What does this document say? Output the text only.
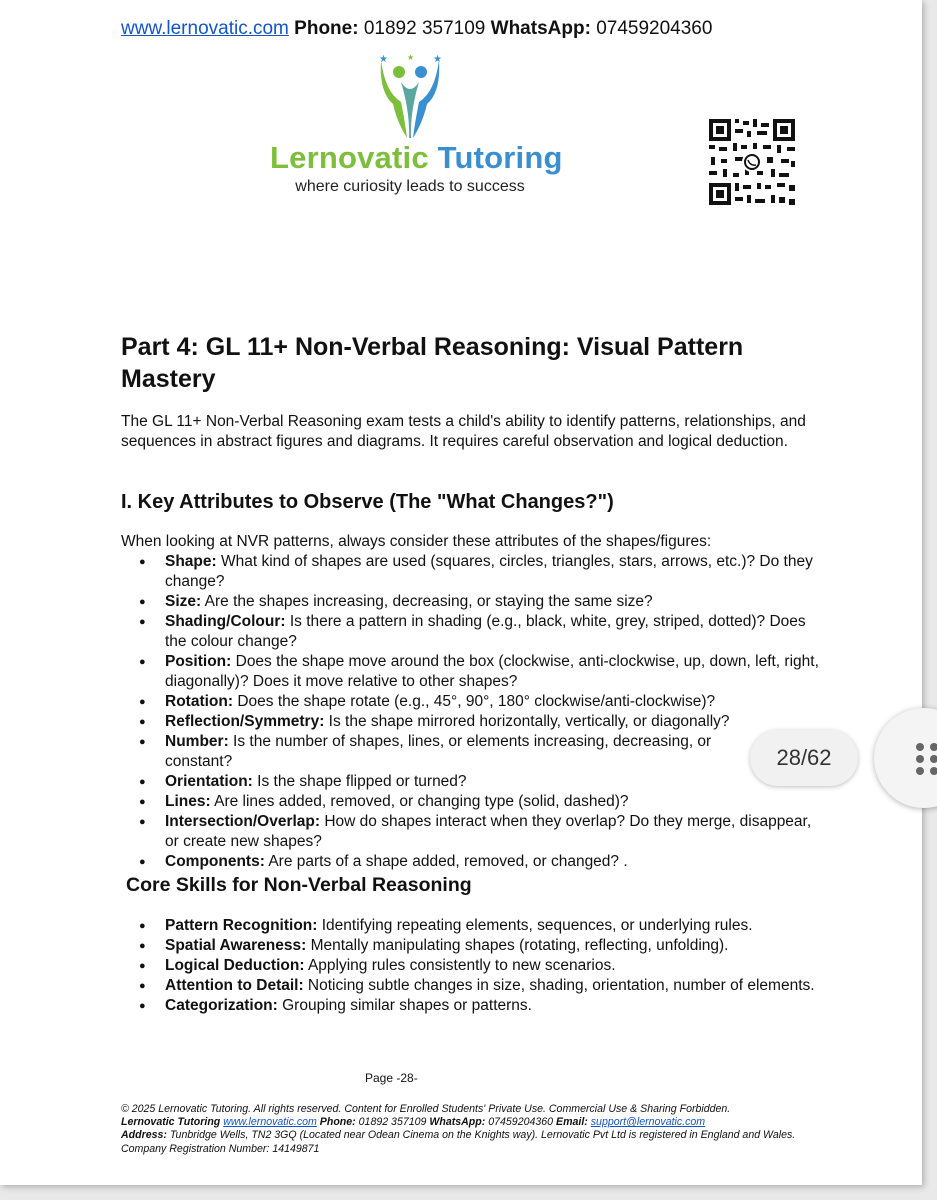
www.lernovatic.com Phone: 01892 357109 WhatsApp: 07459204360
★ ★ ★
Lernovatic Tutoring
where curiosity leads to success
Part 4: GL 11+ Non-Verbal Reasoning: Visual Pattern Mastery
The GL 11+ Non-Verbal Reasoning exam tests a child's ability to identify patterns, relationships, and sequences in abstract figures and diagrams. It requires careful observation and logical deduction.
I. Key Attributes to Observe (The "What Changes?")
When looking at NVR patterns, always consider these attributes of the shapes/figures:
● Shape: What kind of shapes are used (squares, circles, triangles, stars, arrows, etc.)? Do they change?
● Size: Are the shapes increasing, decreasing, or staying the same size?
● Shading/Colour: Is there a pattern in shading (e.g., black, white, grey, striped, dotted)? Does the colour change?
● Position: Does the shape move around the box (clockwise, anti-clockwise, up, down, left, right, diagonally)? Does it move relative to other shapes?
● Rotation: Does the shape rotate (e.g., 45°, 90°, 180° clockwise/anti-clockwise)?
● Reflection/Symmetry: Is the shape mirrored horizontally, vertically, or diagonally?
● Number: Is the number of shapes, lines, or elements increasing, decreasing, or constant?
● Orientation: Is the shape flipped or turned?
● Lines: Are lines added, removed, or changing type (solid, dashed)?
● Intersection/Overlap: How do shapes interact when they overlap? Do they merge, disappear, or create new shapes?
● Components: Are parts of a shape added, removed, or changed? .
Core Skills for Non-Verbal Reasoning
● Pattern Recognition: Identifying repeating elements, sequences, or underlying rules.
● Spatial Awareness: Mentally manipulating shapes (rotating, reflecting, unfolding).
● Logical Deduction: Applying rules consistently to new scenarios.
● Attention to Detail: Noticing subtle changes in size, shading, orientation, number of elements.
● Categorization: Grouping similar shapes or patterns.
Page -28-
© 2025 Lernovatic Tutoring. All rights reserved. Content for Enrolled Students' Private Use. Commercial Use & Sharing Forbidden.
Lernovatic Tutoring www.lernovatic.com Phone: 01892 357109 WhatsApp: 07459204360 Email: support@lernovatic.com
Address: Tunbridge Wells, TN2 3GQ (Located near Odean Cinema on the Knights way). Lernovatic Pvt Ltd is registered in England and Wales. Company Registration Number: 14149871
28/62
